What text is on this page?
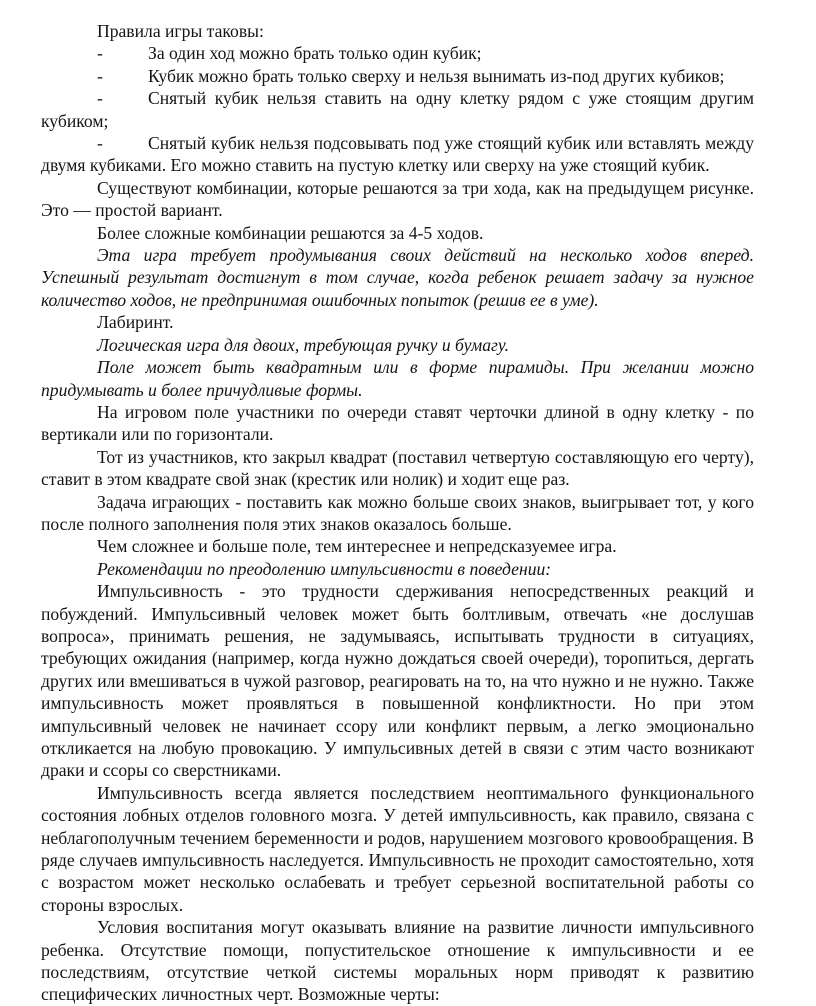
Правила игры таковы:

-	За один ход можно брать только один кубик;
-	Кубик можно брать только сверху и нельзя вынимать из-под других кубиков;
-	Снятый кубик нельзя ставить на одну клетку рядом с уже стоящим другим кубиком;
-	Снятый кубик нельзя подсовывать под уже стоящий кубик или вставлять между двумя кубиками. Его можно ставить на пустую клетку или сверху на уже стоящий кубик.

Существуют комбинации, которые решаются за три хода, как на предыдущем рисунке. Это — простой вариант.

Более сложные комбинации решаются за 4-5 ходов.

Эта игра требует продумывания своих действий на несколько ходов вперед. Успешный результат достигнут в том случае, когда ребенок решает задачу за нужное количество ходов, не предпринимая ошибочных попыток (решив ее в уме).

Лабиринт.

Логическая игра для двоих, требующая ручку и бумагу.

Поле может быть квадратным или в форме пирамиды. При желании можно придумывать и более причудливые формы.

На игровом поле участники по очереди ставят черточки длиной в одну клетку - по вертикали или по горизонтали.

Тот из участников, кто закрыл квадрат (поставил четвертую составляющую его черту), ставит в этом квадрате свой знак (крестик или нолик) и ходит еще раз.

Задача играющих - поставить как можно больше своих знаков, выигрывает тот, у кого после полного заполнения поля этих знаков оказалось больше.

Чем сложнее и больше поле, тем интереснее и непредсказуемее игра.

Рекомендации по преодолению импульсивности в поведении:

Импульсивность - это трудности сдерживания непосредственных реакций и побуждений. Импульсивный человек может быть болтливым, отвечать «не дослушав вопроса», принимать решения, не задумываясь, испытывать трудности в ситуациях, требующих ожидания (например, когда нужно дождаться своей очереди), торопиться, дергать других или вмешиваться в чужой разговор, реагировать на то, на что нужно и не нужно. Также импульсивность может проявляться в повышенной конфликтности. Но при этом импульсивный человек не начинает ссору или конфликт первым, а легко эмоционально откликается на любую провокацию. У импульсивных детей в связи с этим часто возникают драки и ссоры со сверстниками.

Импульсивность всегда является последствием неоптимального функционального состояния лобных отделов головного мозга. У детей импульсивность, как правило, связана с неблагополучным течением беременности и родов, нарушением мозгового кровообращения. В ряде случаев импульсивность наследуется. Импульсивность не проходит самостоятельно, хотя с возрастом может несколько ослабевать и требует серьезной воспитательной работы со стороны взрослых.

Условия воспитания могут оказывать влияние на развитие личности импульсивного ребенка. Отсутствие помощи, попустительское отношение к импульсивности и ее последствиям, отсутствие четкой системы моральных норм приводят к развитию специфических личностных черт. Возможные черты:
